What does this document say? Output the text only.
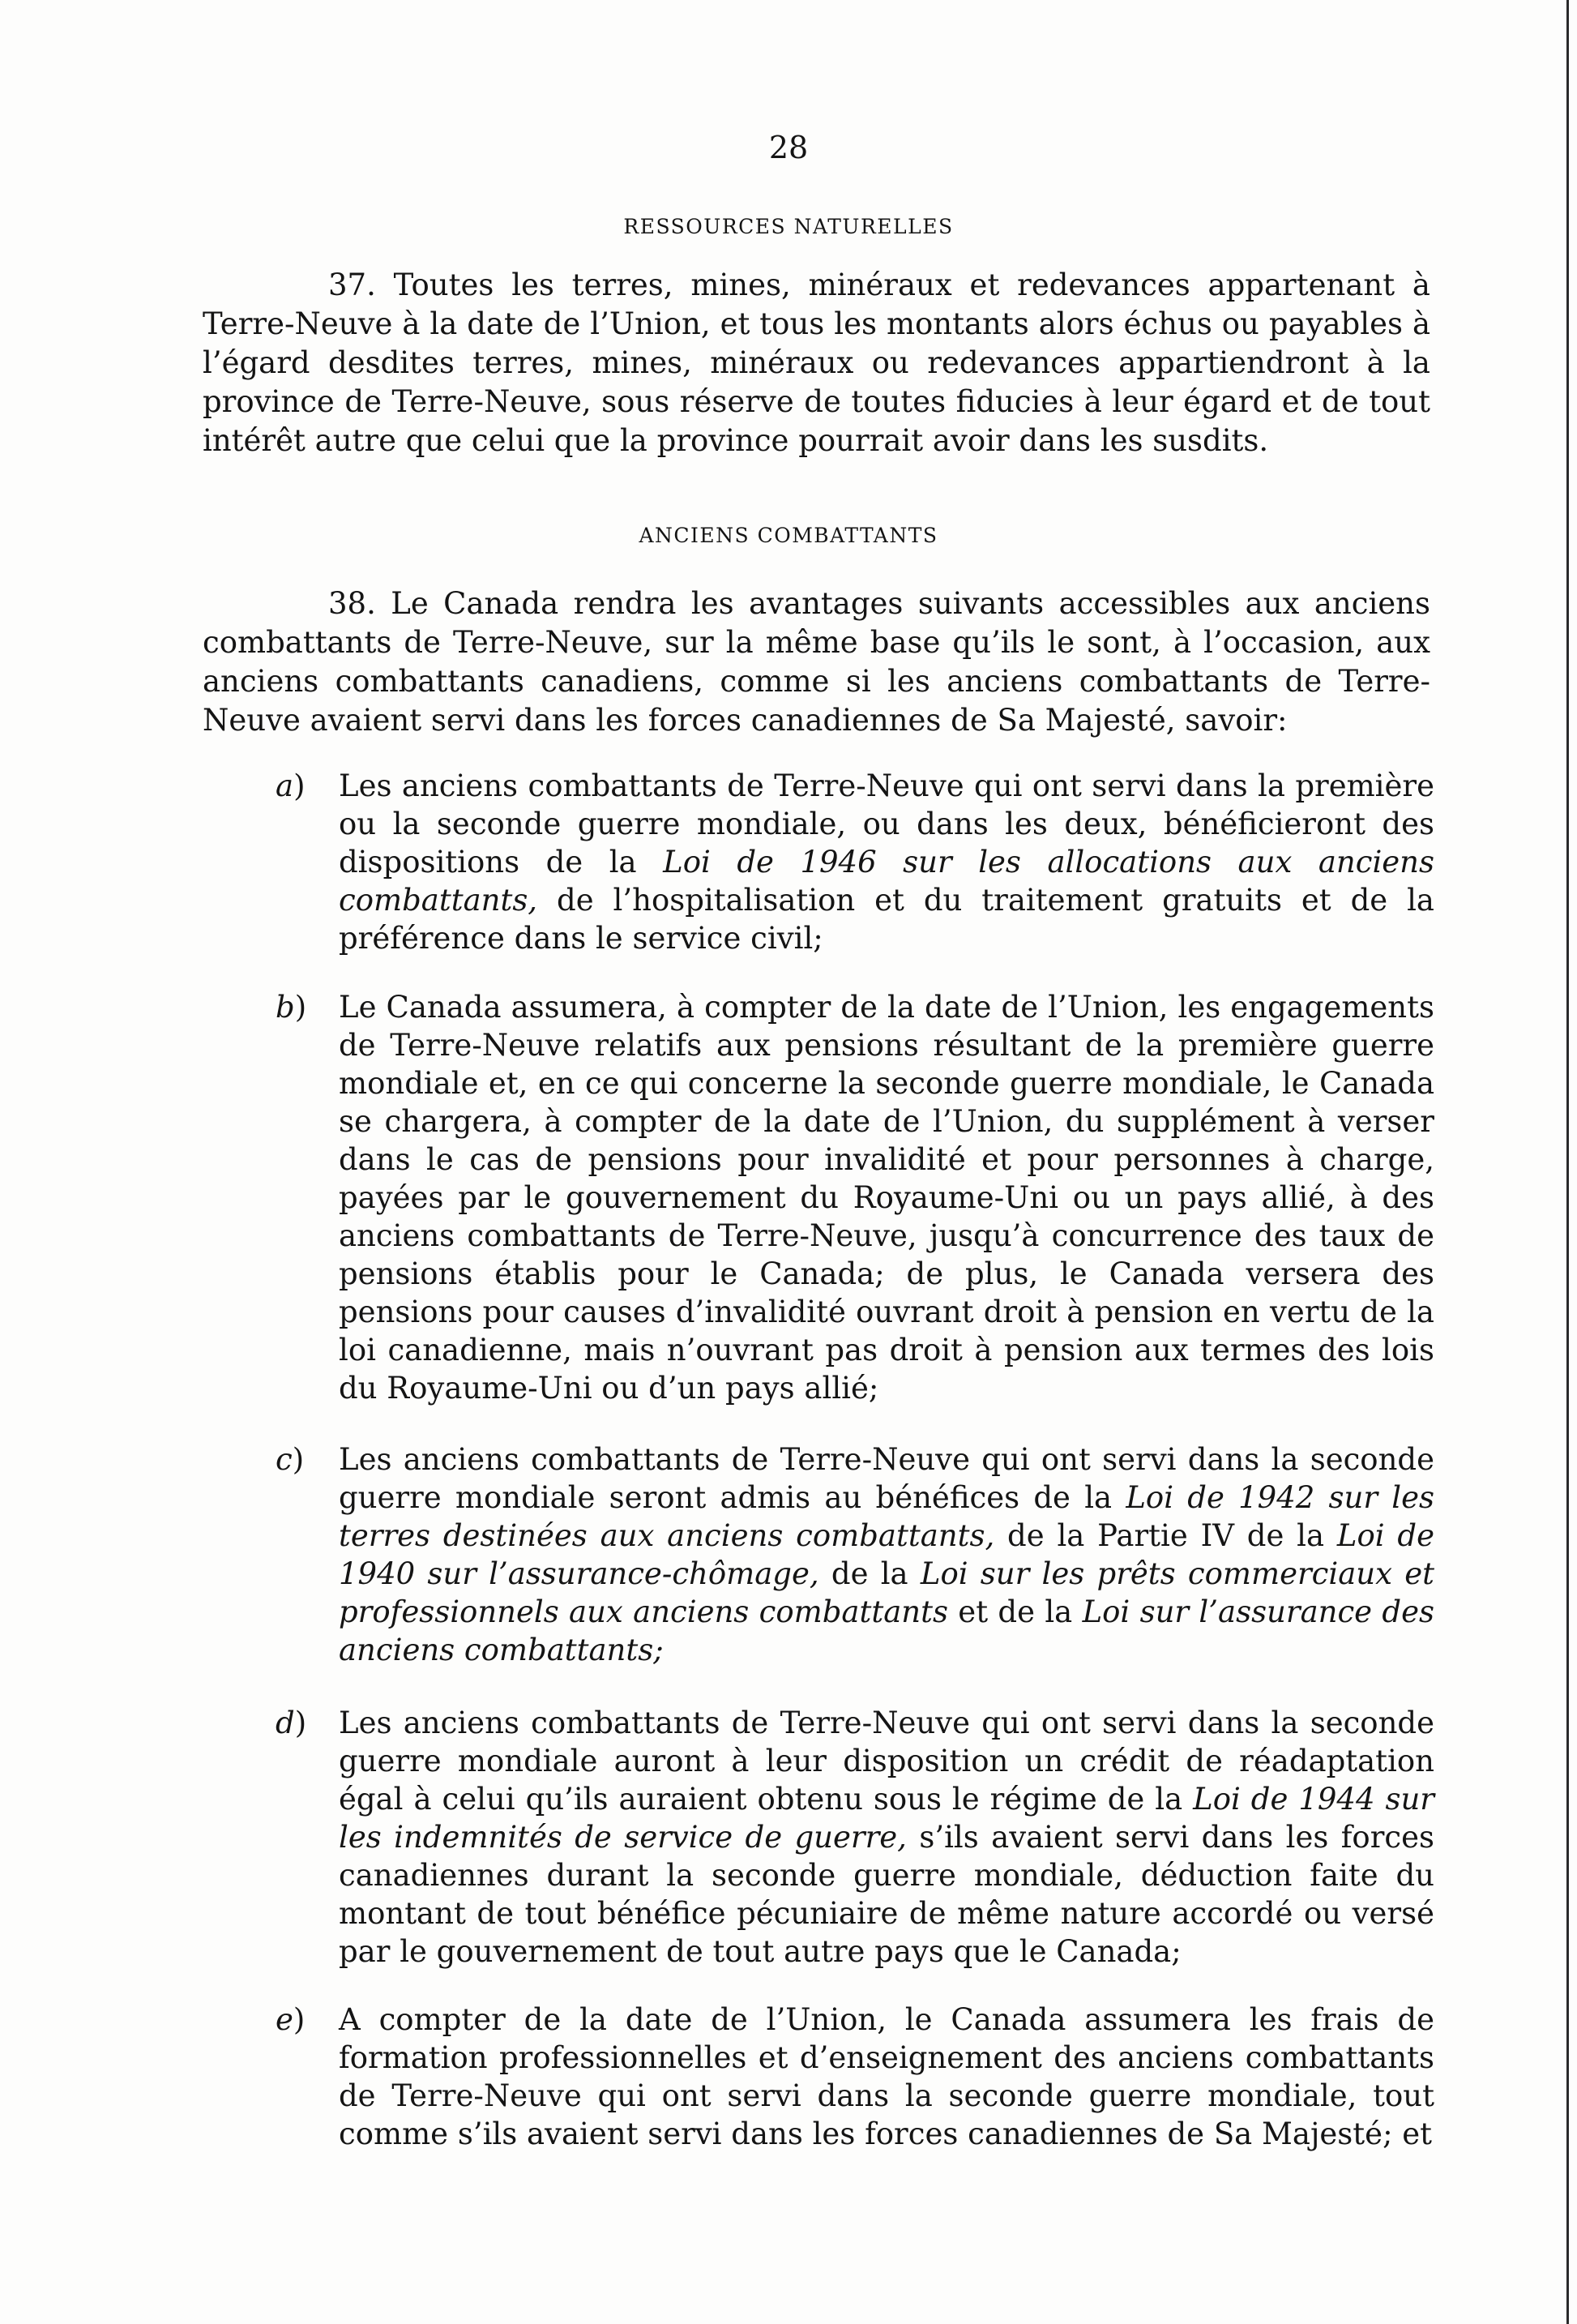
28
RESSOURCES NATURELLES

37. Toutes les terres, mines, minéraux et redevances appartenant à Terre-Neuve à la date de l’Union, et tous les montants alors échus ou payables à l’égard desdites terres, mines, minéraux ou redevances appartiendront à la province de Terre-Neuve, sous réserve de toutes fiducies à leur égard et de tout intérêt autre que celui que la province pourrait avoir dans les susdits.

ANCIENS COMBATTANTS

38. Le Canada rendra les avantages suivants accessibles aux anciens combattants de Terre-Neuve, sur la même base qu’ils le sont, à l’occasion, aux anciens combattants canadiens, comme si les anciens combattants de Terre-Neuve avaient servi dans les forces canadiennes de Sa Majesté, savoir:

a) Les anciens combattants de Terre-Neuve qui ont servi dans la première ou la seconde guerre mondiale, ou dans les deux, bénéficieront des dispositions de la Loi de 1946 sur les allocations aux anciens combattants, de l’hospitalisation et du traitement gratuits et de la préférence dans le service civil;
b) Le Canada assumera, à compter de la date de l’Union, les engagements de Terre-Neuve relatifs aux pensions résultant de la première guerre mondiale et, en ce qui concerne la seconde guerre mondiale, le Canada se chargera, à compter de la date de l’Union, du supplément à verser dans le cas de pensions pour invalidité et pour personnes à charge, payées par le gouvernement du Royaume-Uni ou un pays allié, à des anciens combattants de Terre-Neuve, jusqu’à concurrence des taux de pensions établis pour le Canada; de plus, le Canada versera des pensions pour causes d’invalidité ouvrant droit à pension en vertu de la loi canadienne, mais n’ouvrant pas droit à pension aux termes des lois du Royaume-Uni ou d’un pays allié;
c) Les anciens combattants de Terre-Neuve qui ont servi dans la seconde guerre mondiale seront admis au bénéfices de la Loi de 1942 sur les terres destinées aux anciens combattants, de la Partie IV de la Loi de 1940 sur l’assurance-chômage, de la Loi sur les prêts commerciaux et professionnels aux anciens combattants et de la Loi sur l’assurance des anciens combattants;
d) Les anciens combattants de Terre-Neuve qui ont servi dans la seconde guerre mondiale auront à leur disposition un crédit de réadaptation égal à celui qu’ils auraient obtenu sous le régime de la Loi de 1944 sur les indemnités de service de guerre, s’ils avaient servi dans les forces canadiennes durant la seconde guerre mondiale, déduction faite du montant de tout bénéfice pécuniaire de même nature accordé ou versé par le gouvernement de tout autre pays que le Canada;
e) A compter de la date de l’Union, le Canada assumera les frais de formation professionnelles et d’enseignement des anciens combattants de Terre-Neuve qui ont servi dans la seconde guerre mondiale, tout comme s’ils avaient servi dans les forces canadiennes de Sa Majesté; et
